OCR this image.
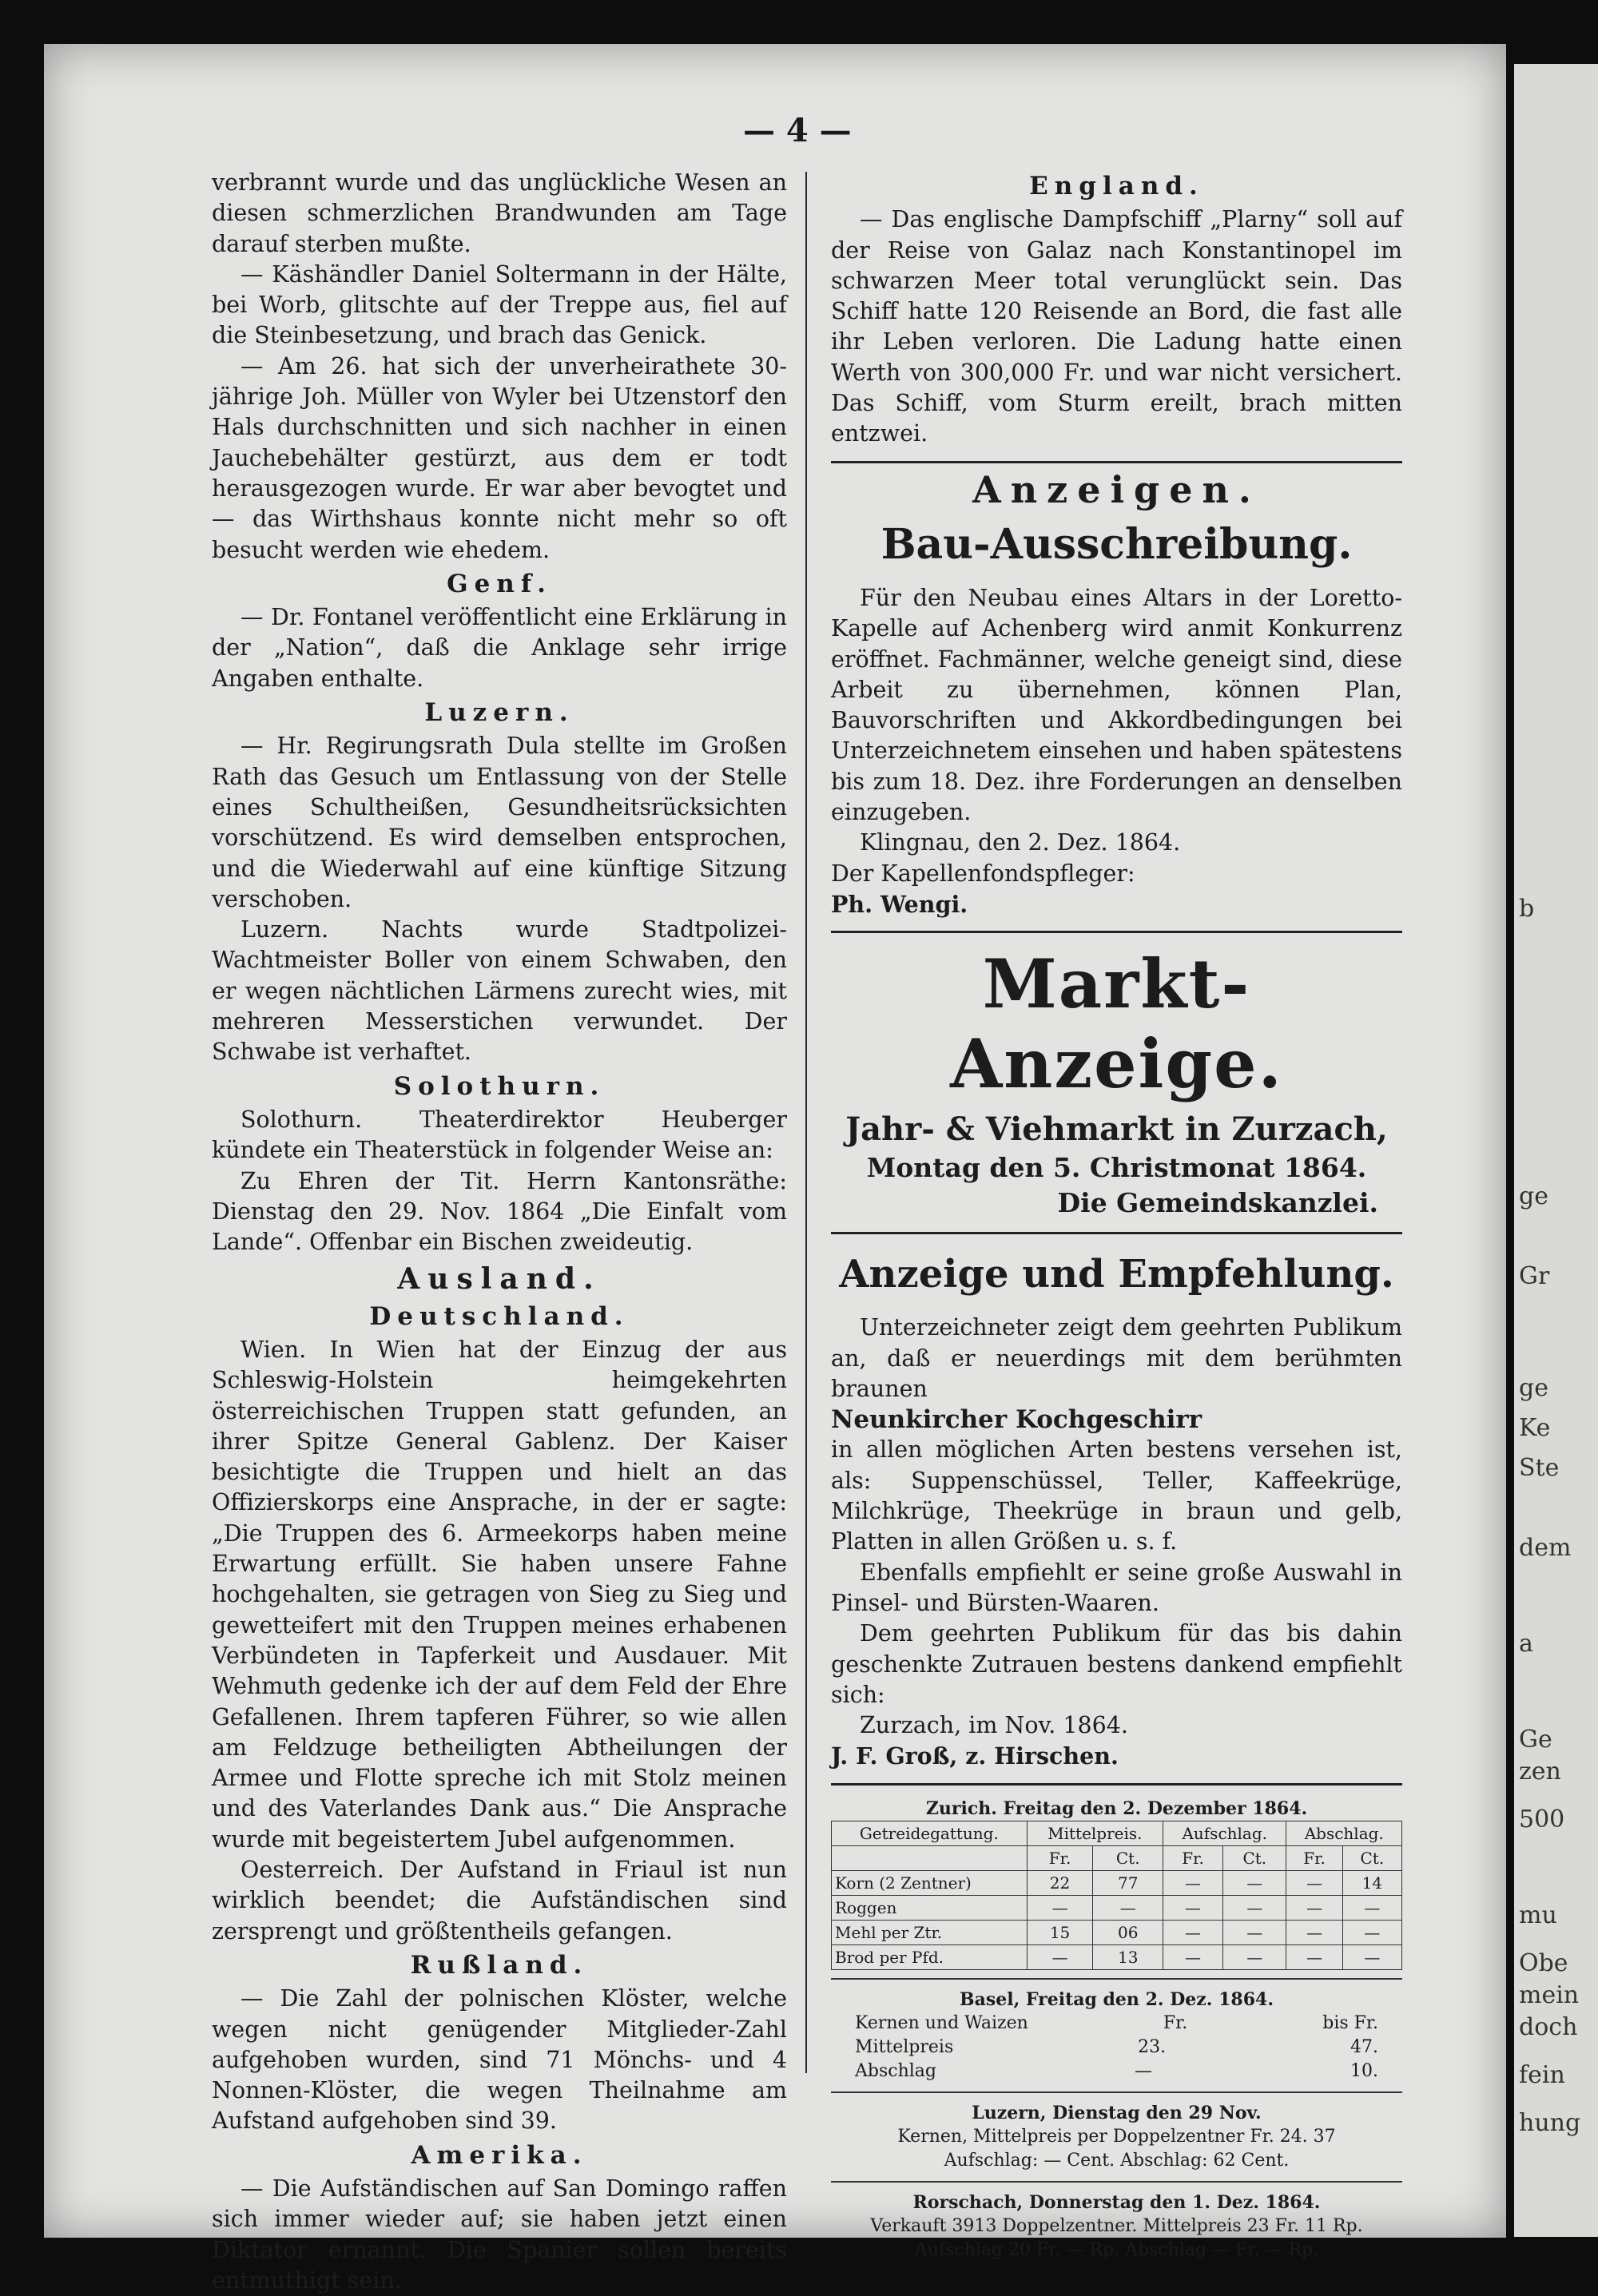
b
ge
Gr
ge
Ke
Ste
dem
a
Ge
zen
500
mu
Obe
mein
doch
fein
hung
— 4 —

verbrannt wurde und das unglückliche Wesen an diesen schmerzlichen Brandwunden am Tage darauf sterben mußte.

— Käshändler Daniel Soltermann in der Hälte, bei Worb, glitschte auf der Treppe aus, fiel auf die Steinbesetzung, und brach das Genick.

— Am 26. hat sich der unverheirathete 30-jährige Joh. Müller von Wyler bei Utzenstorf den Hals durchschnitten und sich nachher in einen Jauchebehälter gestürzt, aus dem er todt herausgezogen wurde. Er war aber bevogtet und — das Wirthshaus konnte nicht mehr so oft besucht werden wie ehedem.

Genf.

— Dr. Fontanel veröffentlicht eine Erklärung in der „Nation“, daß die Anklage sehr irrige Angaben enthalte.

Luzern.

— Hr. Regirungsrath Dula stellte im Großen Rath das Gesuch um Entlassung von der Stelle eines Schultheißen, Gesundheitsrücksichten vorschützend. Es wird demselben entsprochen, und die Wiederwahl auf eine künftige Sitzung verschoben.

Luzern. Nachts wurde Stadtpolizei-Wachtmeister Boller von einem Schwaben, den er wegen nächtlichen Lärmens zurecht wies, mit mehreren Messerstichen verwundet. Der Schwabe ist verhaftet.

Solothurn.

Solothurn. Theaterdirektor Heuberger kündete ein Theaterstück in folgender Weise an:

Zu Ehren der Tit. Herrn Kantonsräthe: Dienstag den 29. Nov. 1864 „Die Einfalt vom Lande“. Offenbar ein Bischen zweideutig.

Ausland.
Deutschland.

Wien. In Wien hat der Einzug der aus Schleswig-Holstein heimgekehrten österreichischen Truppen statt gefunden, an ihrer Spitze General Gablenz. Der Kaiser besichtigte die Truppen und hielt an das Offizierskorps eine Ansprache, in der er sagte: „Die Truppen des 6. Armeekorps haben meine Erwartung erfüllt. Sie haben unsere Fahne hochgehalten, sie getragen von Sieg zu Sieg und gewetteifert mit den Truppen meines erhabenen Verbündeten in Tapferkeit und Ausdauer. Mit Wehmuth gedenke ich der auf dem Feld der Ehre Gefallenen. Ihrem tapferen Führer, so wie allen am Feldzuge betheiligten Abtheilungen der Armee und Flotte spreche ich mit Stolz meinen und des Vaterlandes Dank aus.“ Die Ansprache wurde mit begeistertem Jubel aufgenommen.

Oesterreich. Der Aufstand in Friaul ist nun wirklich beendet; die Aufständischen sind zersprengt und größtentheils gefangen.

Rußland.

— Die Zahl der polnischen Klöster, welche wegen nicht genügender Mitglieder-Zahl aufgehoben wurden, sind 71 Mönchs- und 4 Nonnen-Klöster, die wegen Theilnahme am Aufstand aufgehoben sind 39.

Amerika.

— Die Aufständischen auf San Domingo raffen sich immer wieder auf; sie haben jetzt einen Diktator ernannt. Die Spanier sollen bereits entmuthigt sein.

England.

— Das englische Dampfschiff „Plarny“ soll auf der Reise von Galaz nach Konstantinopel im schwarzen Meer total verunglückt sein. Das Schiff hatte 120 Reisende an Bord, die fast alle ihr Leben verloren. Die Ladung hatte einen Werth von 300,000 Fr. und war nicht versichert. Das Schiff, vom Sturm ereilt, brach mitten entzwei.

Anzeigen.
Bau-Ausschreibung.

Für den Neubau eines Altars in der Loretto-Kapelle auf Achenberg wird anmit Konkurrenz eröffnet. Fachmänner, welche geneigt sind, diese Arbeit zu übernehmen, können Plan, Bauvorschriften und Akkordbedingungen bei Unterzeichnetem einsehen und haben spätestens bis zum 18. Dez. ihre Forderungen an denselben einzugeben.

Klingnau, den 2. Dez. 1864.

Der Kapellenfondspfleger:

Ph. Wengi.

Markt-Anzeige.
Jahr- & Viehmarkt in Zurzach,
Montag den 5. Christmonat 1864.
Die Gemeindskanzlei.
Anzeige und Empfehlung.

Unterzeichneter zeigt dem geehrten Publikum an, daß er neuerdings mit dem berühmten braunen

Neunkircher Kochgeschirr

in allen möglichen Arten bestens versehen ist, als: Suppenschüssel, Teller, Kaffeekrüge, Milchkrüge, Theekrüge in braun und gelb, Platten in allen Größen u. s. f.

Ebenfalls empfiehlt er seine große Auswahl in Pinsel- und Bürsten-Waaren.

Dem geehrten Publikum für das bis dahin geschenkte Zutrauen bestens dankend empfiehlt sich:

Zurzach, im Nov. 1864.

J. F. Groß, z. Hirschen.

Zurich. Freitag den 2. Dezember 1864.
Getreidegattung.	Mittelpreis.		Aufschlag.		Abschlag.	
	Fr.	Ct.	Fr.	Ct.	Fr.	Ct.
Korn (2 Zentner)	22	77	—	—	—	14
Roggen	—	—	—	—	—	—
Mehl per Ztr.	15	06	—	—	—	—
Brod per Pfd.	—	13	—	—	—	—
Basel, Freitag den 2. Dez. 1864.
Kernen und Waizen	Fr.	bis Fr.
Mittelpreis	23.	47.
Abschlag	—	10.
Luzern, Dienstag den 29 Nov.
Kernen, Mittelpreis per Doppelzentner Fr. 24. 37
Aufschlag: — Cent. Abschlag: 62 Cent.
Rorschach, Donnerstag den 1. Dez. 1864.
Verkauft 3913 Doppelzentner. Mittelpreis 23 Fr. 11 Rp.
Aufschlag 20 Fr. — Rp. Abschlag — Fr. — Rp.
